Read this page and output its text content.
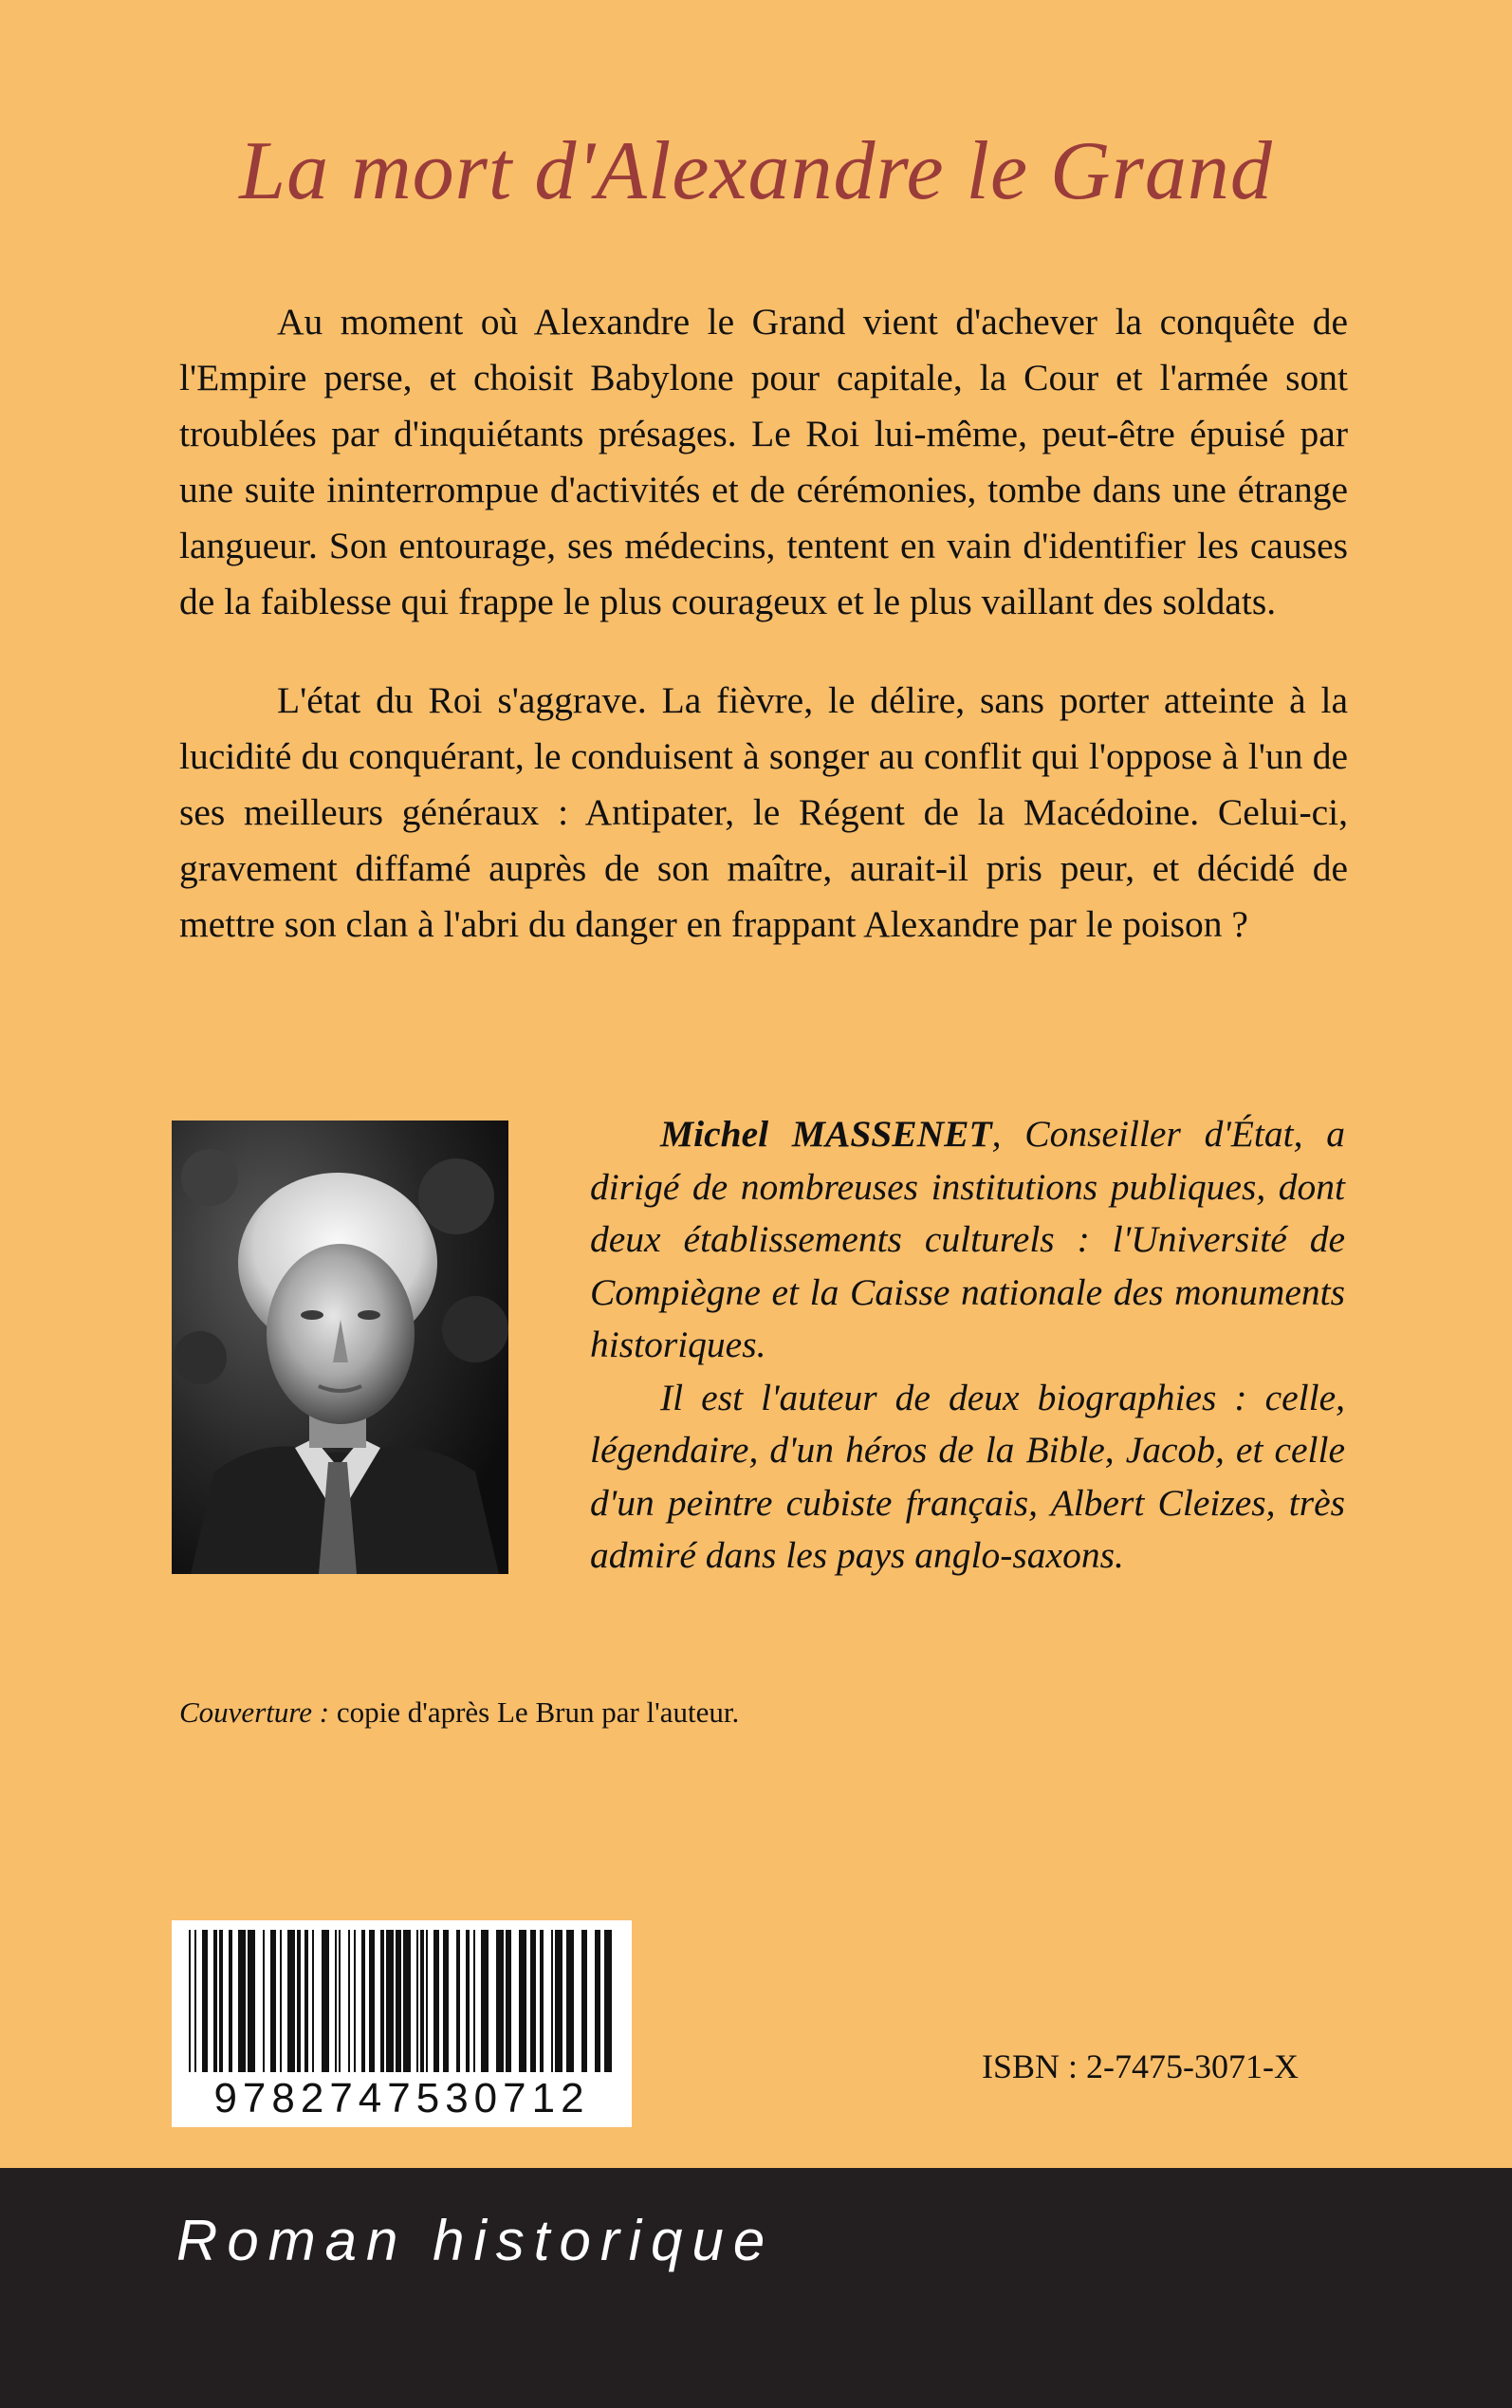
La mort d'Alexandre le Grand

Au moment où Alexandre le Grand vient d'achever la conquête de l'Empire perse, et choisit Babylone pour capitale, la Cour et l'armée sont troublées par d'inquiétants présages. Le Roi lui-même, peut-être épuisé par une suite ininterrompue d'activités et de cérémonies, tombe dans une étrange langueur. Son entourage, ses médecins, tentent en vain d'identifier les causes de la faiblesse qui frappe le plus courageux et le plus vaillant des soldats.

L'état du Roi s'aggrave. La fièvre, le délire, sans porter atteinte à la lucidité du conquérant, le conduisent à songer au conflit qui l'oppose à l'un de ses meilleurs généraux : Antipater, le Régent de la Macédoine. Celui-ci, gravement diffamé auprès de son maître, aurait-il pris peur, et décidé de mettre son clan à l'abri du danger en frappant Alexandre par le poison ?

Michel MASSENET, Conseiller d'État, a dirigé de nombreuses institutions publiques, dont deux établissements culturels : l'Université de Compiègne et la Caisse nationale des monuments historiques.

Il est l'auteur de deux biographies : celle, légendaire, d'un héros de la Bible, Jacob, et celle d'un peintre cubiste français, Albert Cleizes, très admiré dans les pays anglo-saxons.

Couverture : copie d'après Le Brun par l'auteur.

9782747530712
ISBN : 2-7475-3071-X
Roman historique
